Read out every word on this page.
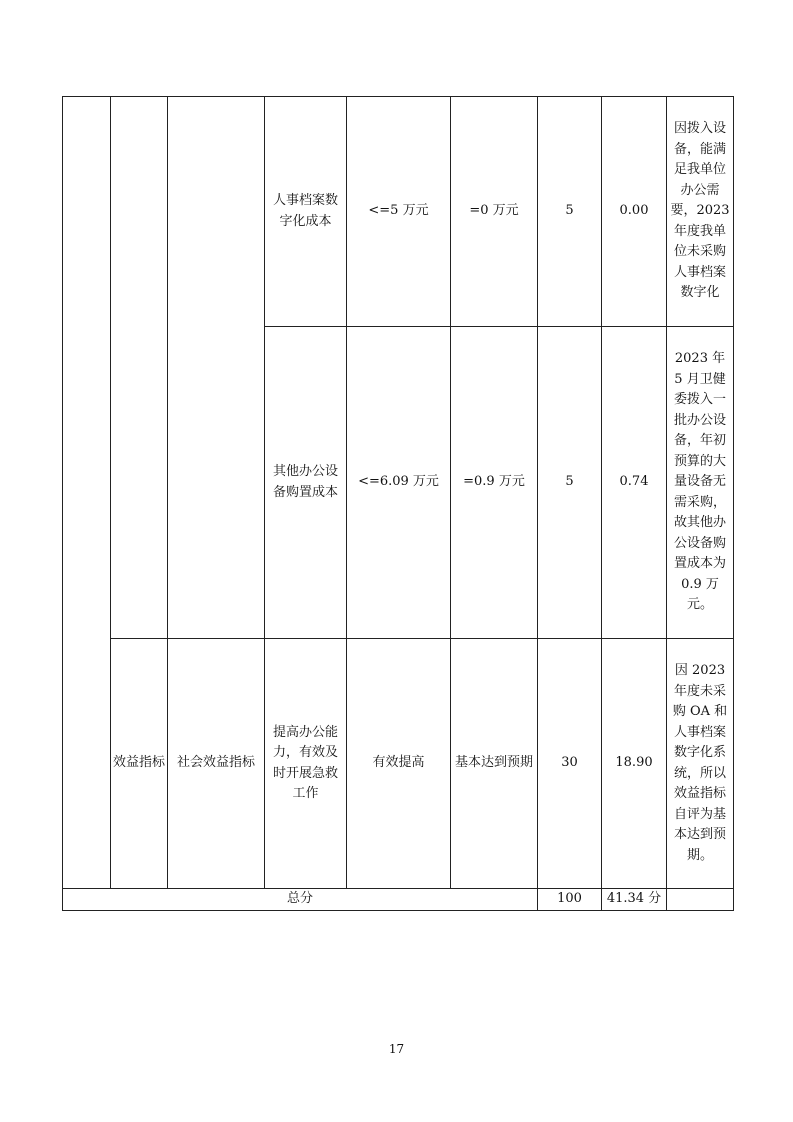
			人事档案数字化成本	<=5 万元	=0 万元	5	0.00	因拨入设备，能满足我单位办公需要，2023 年度我单位未采购人事档案数字化
			其他办公设备购置成本	<=6.09 万元	=0.9 万元	5	0.74	2023 年 5 月卫健委拨入一批办公设备，年初预算的大量设备无需采购，故其他办公设备购置成本为 0.9 万元。
	效益指标	社会效益指标	提高办公能力，有效及时开展急救工作	有效提高	基本达到预期	30	18.90	因 2023 年度未采购 OA 和人事档案数字化系统，所以效益指标自评为基本达到预期。
总分						100	41.34 分	
17
